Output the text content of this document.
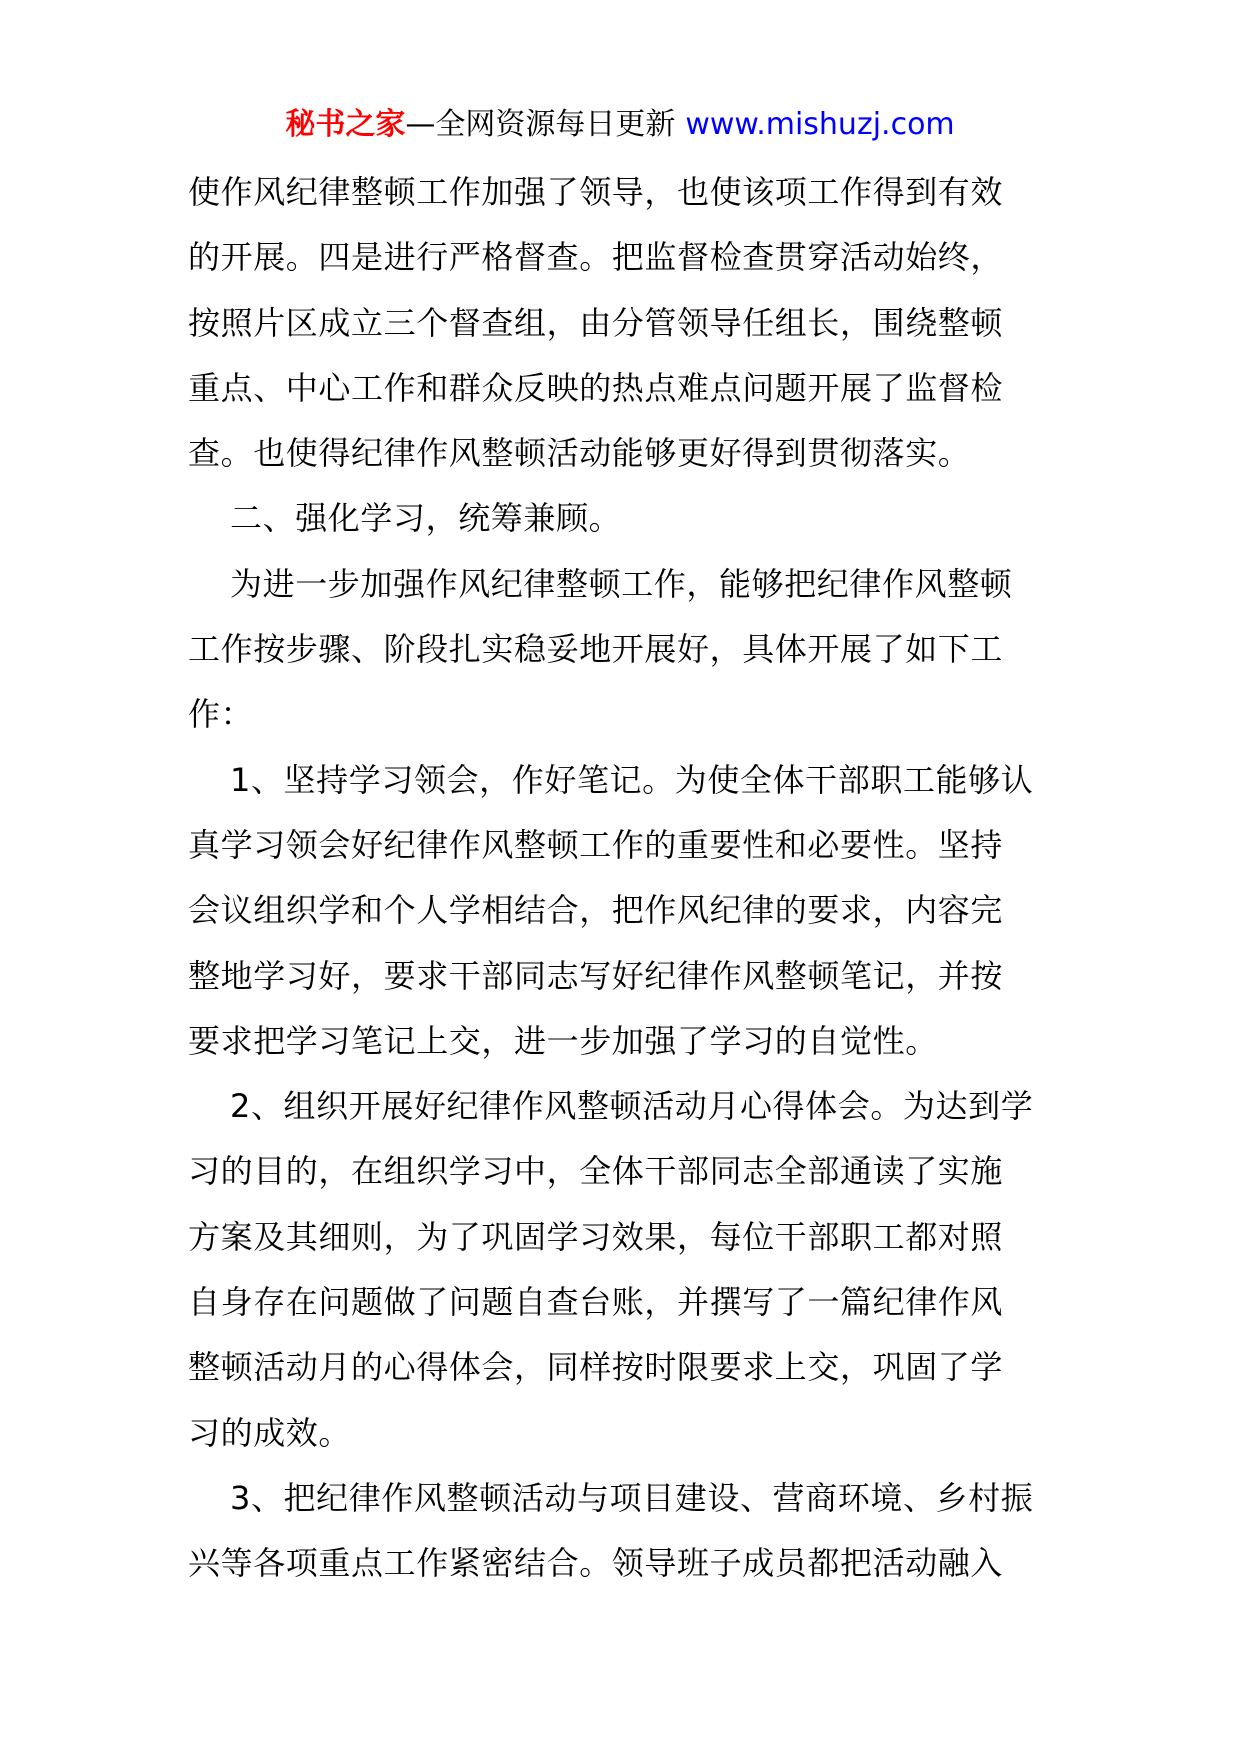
秘书之家—全网资源每日更新 www.mishuzj.com
使作风纪律整顿工作加强了领导，也使该项工作得到有效
的开展。四是进行严格督查。把监督检查贯穿活动始终，
按照片区成立三个督查组，由分管领导任组长，围绕整顿
重点、中心工作和群众反映的热点难点问题开展了监督检
查。也使得纪律作风整顿活动能够更好得到贯彻落实。
二、强化学习，统筹兼顾。
为进一步加强作风纪律整顿工作，能够把纪律作风整顿
工作按步骤、阶段扎实稳妥地开展好，具体开展了如下工
作：
1、坚持学习领会，作好笔记。为使全体干部职工能够认
真学习领会好纪律作风整顿工作的重要性和必要性。坚持
会议组织学和个人学相结合，把作风纪律的要求，内容完
整地学习好，要求干部同志写好纪律作风整顿笔记，并按
要求把学习笔记上交，进一步加强了学习的自觉性。
2、组织开展好纪律作风整顿活动月心得体会。为达到学
习的目的，在组织学习中，全体干部同志全部通读了实施
方案及其细则，为了巩固学习效果，每位干部职工都对照
自身存在问题做了问题自查台账，并撰写了一篇纪律作风
整顿活动月的心得体会，同样按时限要求上交，巩固了学
习的成效。
3、把纪律作风整顿活动与项目建设、营商环境、乡村振
兴等各项重点工作紧密结合。领导班子成员都把活动融入
